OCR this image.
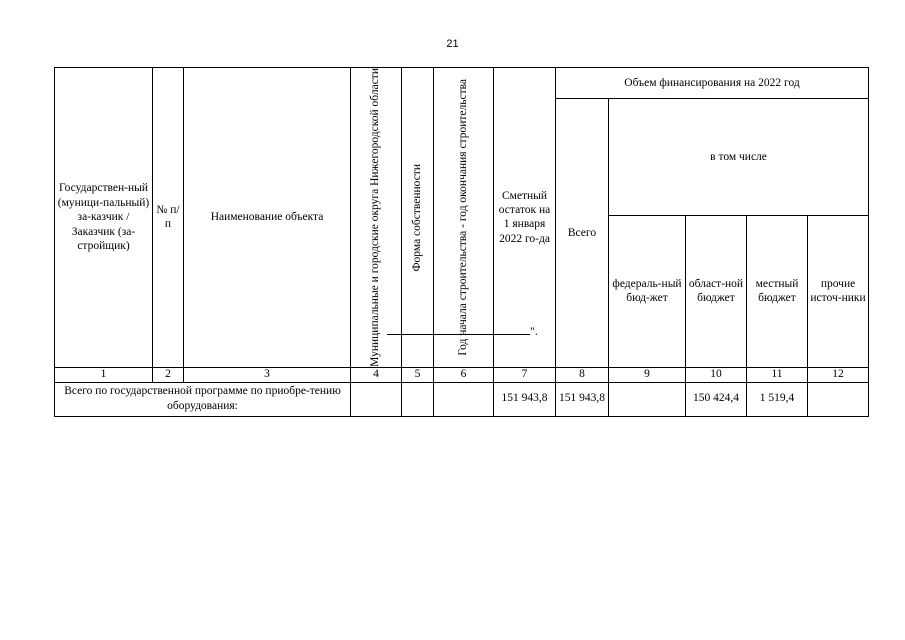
21
Государствен-ный (муници-пальный) за-казчик / Заказчик (за-стройщик)	№ п/п	Наименование объекта	Муниципальные и городские округа Нижегородской области	Форма собственности	Год начала строительства - год окончания строительства	Сметный остаток на 1 января 2022 го-да	Объем финансирования на 2022 год				
							Всего	в том числе			
								федераль-ный бюд-жет	област-ной бюджет	местный бюджет	прочие источ-ники
1	2	3	4	5	6	7	8	9	10	11	12
Всего по государственной программе по приобре-тению оборудования:						151 943,8	151 943,8		150 424,4	1 519,4	
".
